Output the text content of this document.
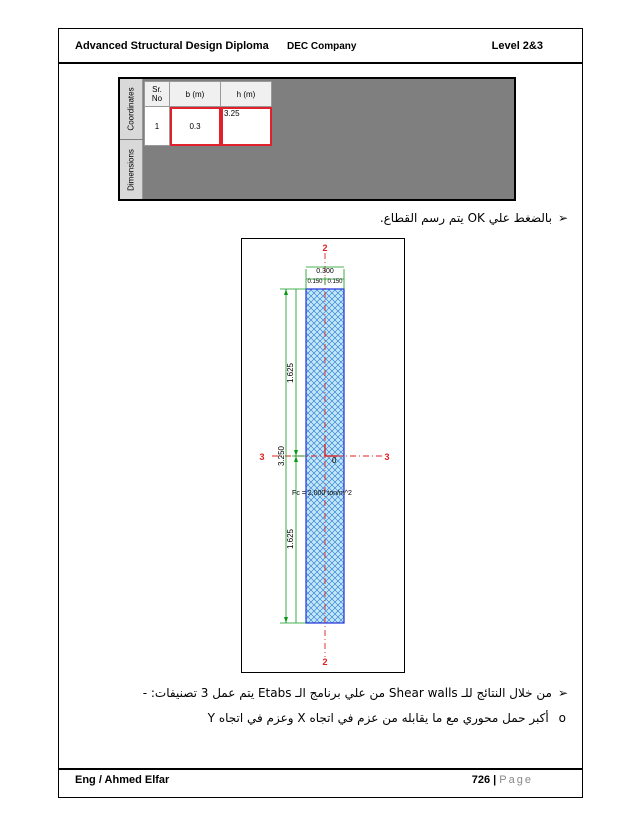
Advanced Structural Design Diploma DEC Company	Level 2&3
Coordinates
Dimensions
Sr. No	b (m)	h (m)
1	0.3	3.25
➢بالضغط علي OK يتم رسم القطاع.
2
2
3	3
0.300
0.150 0.150
1.625
1.625
3.250	0
Fc = 2,000 ton/m^2
➢من خلال النتائج للـ Shear walls من علي برنامج الـ Etabs يتم عمل 3 تصنيفات: -
oأكبر حمل محوري مع ما يقابله من عزم في اتجاه X وعزم في اتجاه Y
Eng / Ahmed Elfar	726 | Page
